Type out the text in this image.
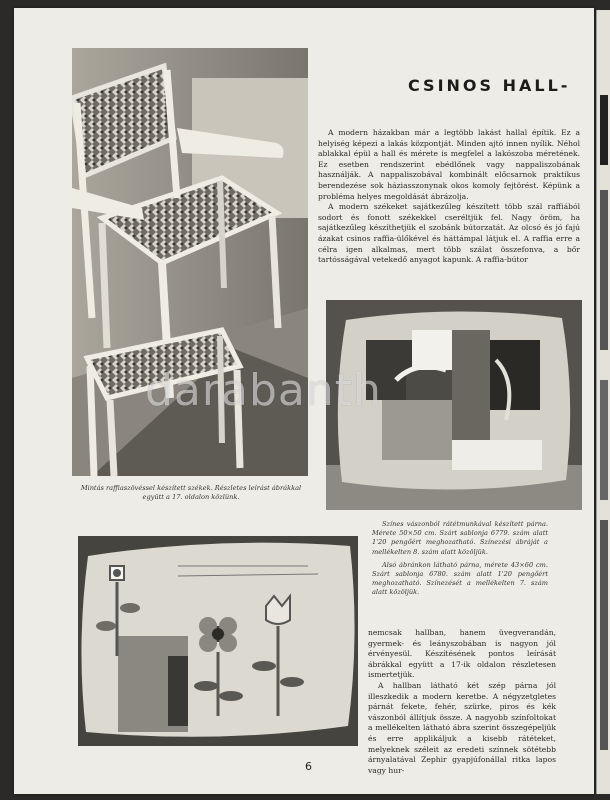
Mintás raffiaszövéssel készített székek. Részletes leírást ábrákkal együtt a 17. oldalon közlünk.

CSINOS HALL-

A modern házakban már a legtöbb lakást hallal építik. Ez a helyiség képezi a lakás központját. Minden ajtó innen nyílik. Néhol ablakkal épül a hall és mérete is megfelel a lakószoba méretének. Ez esetben rendszerint ebédlőnek vagy nappaliszobának használják. A nappaliszobával kombinált előcsarnok praktikus berendezése sok háziasszonynak okos komoly fejtörést. Képünk a probléma helyes megoldását ábrázolja.

A modern székeket sajátkezűleg készített több szál raffiából sodort és fonott székekkel cseréltjük fel. Nagy öröm, ha sajátkezűleg készíthetjük el szobánk bútorzatát. Az olcsó és jó fajú ázakat csinos raffia-ülőkével és háttámpal látjuk el. A raffia erre a célra igen alkalmas, mert több szálat összefonva, a bőr tartósságával vetekedő anyagot kapunk. A raffia-bútor

Színes vászonból rátétmunkával készített párna. Mérete 50×50 cm. Szárt sablonja 6779. szám alatt 1'20 pengőért meghozatható. Színezési ábráját a mellékelten 8. szám alatt közöljük.

Alsó ábránkon látható párna, mérete 43×60 cm. Szárt sablonja 6780. szám alatt 1'20 pengőért meghozatható. Színezését a mellékelten 7. szám alatt közöljük.

nemcsak hallban, hanem üvegverandán, gyermek- és leányszobában is nagyon jól érvényesül. Készítésének pontos leírását ábrákkal együtt a 17-ik oldalon részletesen ismertetjük.

A hallban látható két szép párna jól illeszkedik a modern keretbe. A négyzetgletes párnát fekete, fehér, szürke, piros és kék vászonból állítjuk össze. A nagyobb színfoltokat a mellékelten látható ábra szerint összegépeljük és erre applikáljuk a kisebb rátéteket, melyeknek széleit az eredeti színnek sötétebb árnyalatával Zephir gyapjúfonállal ritka lapos vagy hur-

6
darabanth
